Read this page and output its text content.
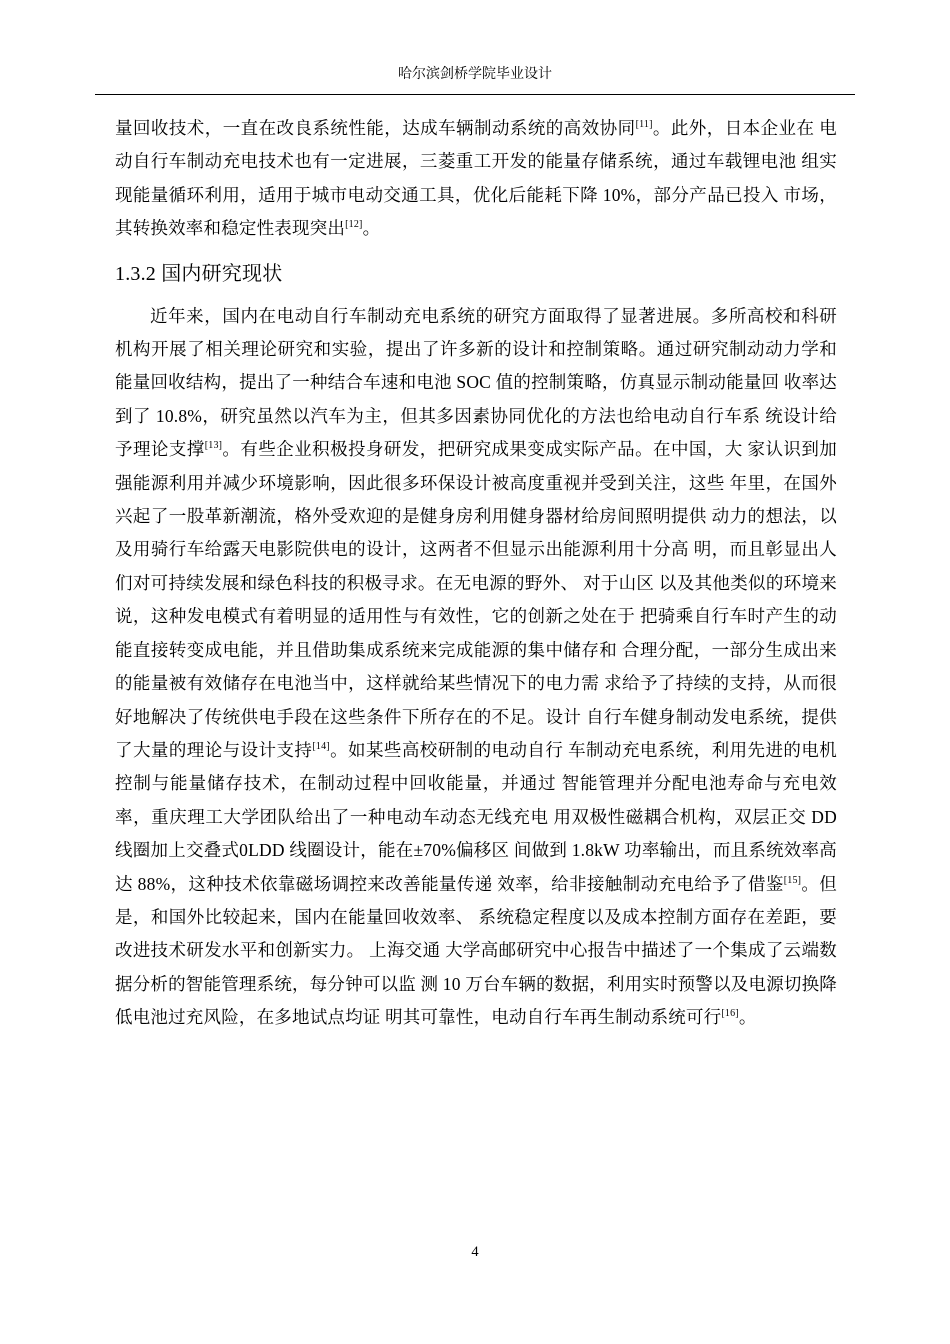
哈尔滨剑桥学院毕业设计

量回收技术，一直在改良系统性能，达成车辆制动系统的高效协同[11]。此外，日本企业在 电动自行车制动充电技术也有一定进展，三菱重工开发的能量存储系统，通过车载锂电池 组实现能量循环利用，适用于城市电动交通工具，优化后能耗下降 10%，部分产品已投入 市场，其转换效率和稳定性表现突出[12]。

1.3.2 国内研究现状

近年来，国内在电动自行车制动充电系统的研究方面取得了显著进展。多所高校和科研机构开展了相关理论研究和实验，提出了许多新的设计和控制策略。通过研究制动动力学和能量回收结构，提出了一种结合车速和电池 SOC 值的控制策略，仿真显示制动能量回 收率达到了 10.8%，研究虽然以汽车为主，但其多因素协同优化的方法也给电动自行车系 统设计给予理论支撑[13]。有些企业积极投身研发，把研究成果变成实际产品。在中国，大 家认识到加强能源利用并减少环境影响，因此很多环保设计被高度重视并受到关注，这些 年里，在国外兴起了一股革新潮流，格外受欢迎的是健身房利用健身器材给房间照明提供 动力的想法，以及用骑行车给露天电影院供电的设计，这两者不但显示出能源利用十分高 明，而且彰显出人们对可持续发展和绿色科技的积极寻求。在无电源的野外、 对于山区 以及其他类似的环境来说，这种发电模式有着明显的适用性与有效性，它的创新之处在于 把骑乘自行车时产生的动能直接转变成电能，并且借助集成系统来完成能源的集中储存和 合理分配，一部分生成出来的能量被有效储存在电池当中，这样就给某些情况下的电力需 求给予了持续的支持，从而很好地解决了传统供电手段在这些条件下所存在的不足。设计 自行车健身制动发电系统，提供了大量的理论与设计支持[14]。如某些高校研制的电动自行 车制动充电系统，利用先进的电机控制与能量储存技术，在制动过程中回收能量，并通过 智能管理并分配电池寿命与充电效率，重庆理工大学团队给出了一种电动车动态无线充电 用双极性磁耦合机构，双层正交 DD 线圈加上交叠式0LDD 线圈设计，能在±70%偏移区 间做到 1.8kW 功率输出，而且系统效率高达 88%，这种技术依靠磁场调控来改善能量传递 效率，给非接触制动充电给予了借鉴[15]。但是，和国外比较起来，国内在能量回收效率、 系统稳定程度以及成本控制方面存在差距，要改进技术研发水平和创新实力。 上海交通 大学高邮研究中心报告中描述了一个集成了云端数据分析的智能管理系统，每分钟可以监 测 10 万台车辆的数据，利用实时预警以及电源切换降低电池过充风险，在多地试点均证 明其可靠性，电动自行车再生制动系统可行[16]。

4
